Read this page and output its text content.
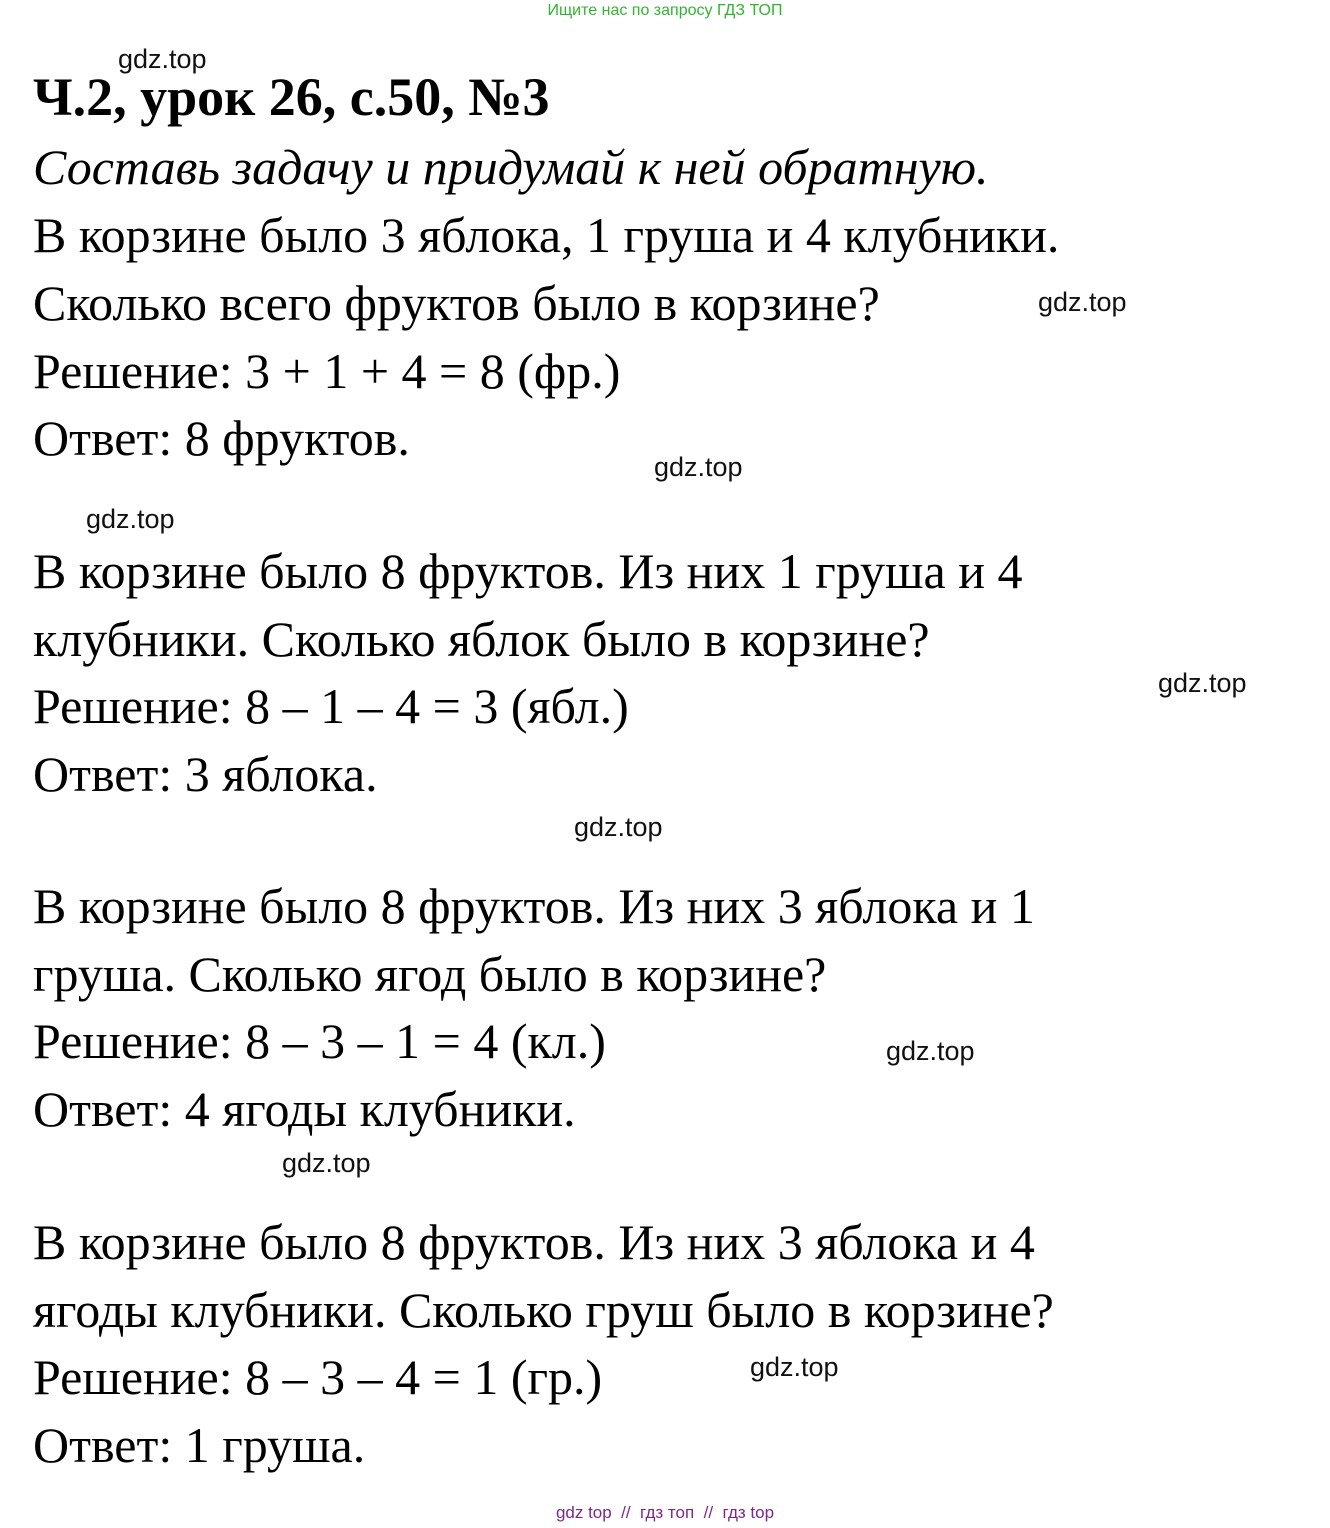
Ищите нас по запросу ГДЗ ТОП
gdz.top
Ч.2, урок 26, с.50, №3
Составь задачу и придумай к ней обратную.
В корзине было 3 яблока, 1 груша и 4 клубники.
Сколько всего фруктов было в корзине?	gdz.top
Решение: 3 + 1 + 4 = 8 (фр.)
Ответ: 8 фруктов.
gdz.top
gdz.top
В корзине было 8 фруктов. Из них 1 груша и 4
клубники. Сколько яблок было в корзине?
gdz.top
Решение: 8 – 1 – 4 = 3 (ябл.)
Ответ: 3 яблока.
gdz.top
В корзине было 8 фруктов. Из них 3 яблока и 1
груша. Сколько ягод было в корзине?
Решение: 8 – 3 – 1 = 4 (кл.)	gdz.top
Ответ: 4 ягоды клубники.
gdz.top
В корзине было 8 фруктов. Из них 3 яблока и 4
ягоды клубники. Сколько груш было в корзине?
Решение: 8 – 3 – 4 = 1 (гр.)	gdz.top
Ответ: 1 груша.
gdz top  //  гдз топ  //  гдз top
